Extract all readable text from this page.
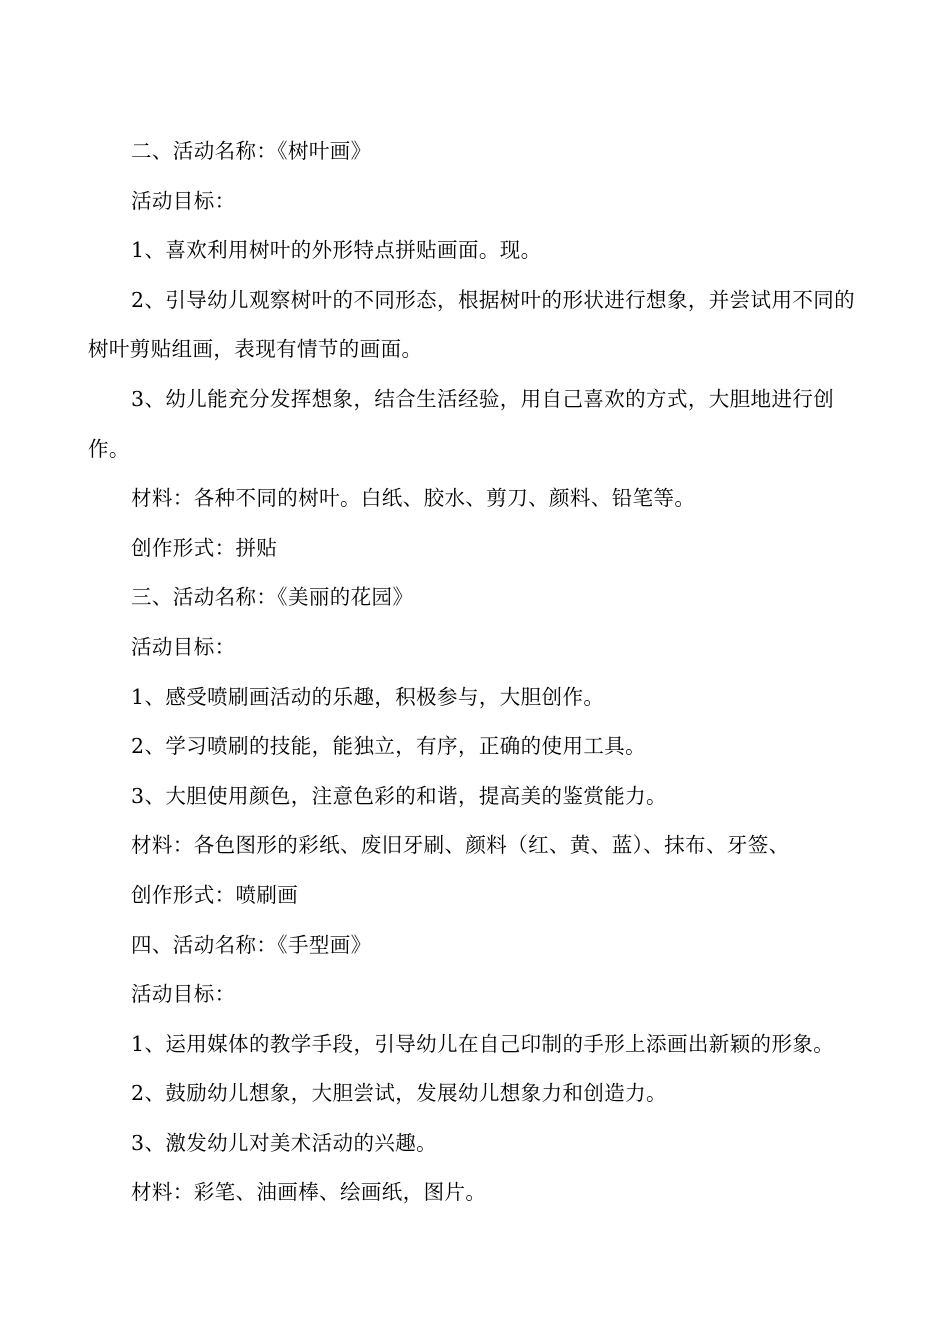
二、活动名称：《树叶画》

活动目标：

1、喜欢利用树叶的外形特点拼贴画面。现。

2、引导幼儿观察树叶的不同形态，根据树叶的形状进行想象，并尝试用不同的树叶剪贴组画，表现有情节的画面。

3、幼儿能充分发挥想象，结合生活经验，用自己喜欢的方式，大胆地进行创作。

材料：各种不同的树叶。白纸、胶水、剪刀、颜料、铅笔等。

创作形式：拼贴

三、活动名称：《美丽的花园》

活动目标：

1、感受喷刷画活动的乐趣，积极参与，大胆创作。

2、学习喷刷的技能，能独立，有序，正确的使用工具。

3、大胆使用颜色，注意色彩的和谐，提高美的鉴赏能力。

材料：各色图形的彩纸、废旧牙刷、颜料（红、黄、蓝）、抹布、牙签、

创作形式：喷刷画

四、活动名称：《手型画》

活动目标：

1、运用媒体的教学手段，引导幼儿在自己印制的手形上添画出新颖的形象。

2、鼓励幼儿想象，大胆尝试，发展幼儿想象力和创造力。

3、激发幼儿对美术活动的兴趣。

材料：彩笔、油画棒、绘画纸，图片。
